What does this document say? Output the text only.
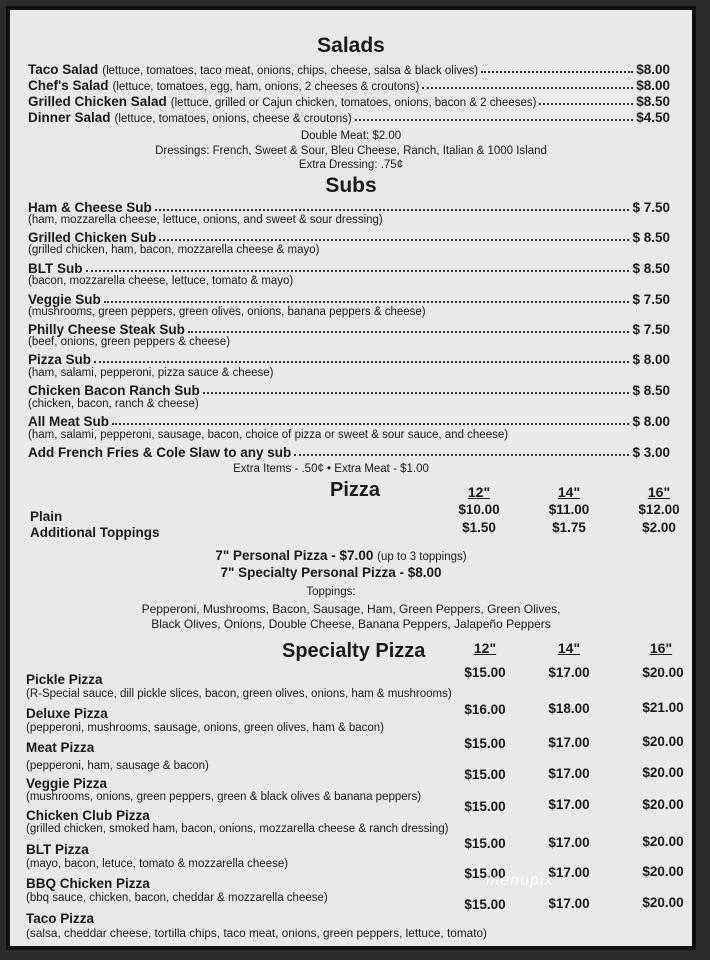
Salads
Taco Salad (lettuce, tomatoes, taco meat, onions, chips, cheese, salsa & black olives)	$8.00
Chef's Salad (lettuce, tomatoes, egg, ham, onions, 2 cheeses & croutons)	$8.00
Grilled Chicken Salad (lettuce, grilled or Cajun chicken, tomatoes, onions, bacon & 2 cheeses)	$8.50
Dinner Salad (lettuce, tomatoes, onions, cheese & croutons)	$4.50
Double Meat: $2.00
Dressings: French, Sweet & Sour, Bleu Cheese, Ranch, Italian & 1000 Island
Extra Dressing: .75¢
Subs
Ham & Cheese Sub	$ 7.50
(ham, mozzarella cheese, lettuce, onions, and sweet & sour dressing)
Grilled Chicken Sub	$ 8.50
(grilled chicken, ham, bacon, mozzarella cheese & mayo)
BLT Sub	$ 8.50
(bacon, mozzarella cheese, lettuce, tomato & mayo)
Veggie Sub	$ 7.50
(mushrooms, green peppers, green olives, onions, banana peppers & cheese)
Philly Cheese Steak Sub	$ 7.50
(beef, onions, green peppers & cheese)
Pizza Sub	$ 8.00
(ham, salami, pepperoni, pizza sauce & cheese)
Chicken Bacon Ranch Sub	$ 8.50
(chicken, bacon, ranch & cheese)
All Meat Sub	$ 8.00
(ham, salami, pepperoni, sausage, bacon, choice of pizza or sweet & sour sauce, and cheese)
Add French Fries & Cole Slaw to any sub	$ 3.00
Extra Items - .50¢ • Extra Meat - $1.00
Pizza	12"	14"	16"
Plain	$10.00	$11.00	$12.00
Additional Toppings	$1.50	$1.75	$2.00
7" Personal Pizza - $7.00 (up to 3 toppings)
7" Specialty Personal Pizza - $8.00
Toppings:
Pepperoni, Mushrooms, Bacon, Sausage, Ham, Green Peppers, Green Olives,
Black Olives, Onions, Double Cheese, Banana Peppers, Jalapeño Peppers
Specialty Pizza	12"	14"	16"
Pickle Pizza
(R-Special sauce, dill pickle slices, bacon, green olives, onions, ham & mushrooms)
$15.00	$17.00	$20.00
Deluxe Pizza
(pepperoni, mushrooms, sausage, onions, green olives, ham & bacon)
$16.00	$18.00	$21.00
Meat Pizza
(pepperoni, ham, sausage & bacon)
$15.00	$17.00	$20.00
Veggie Pizza
(mushrooms, onions, green peppers, green & black olives & banana peppers)
$15.00	$17.00	$20.00
Chicken Club Pizza
(grilled chicken, smoked ham, bacon, onions, mozzarella cheese & ranch dressing)
$15.00	$17.00	$20.00
BLT Pizza
(mayo, bacon, letuce, tomato & mozzarella cheese)
$15.00	$17.00	$20.00
BBQ Chicken Pizza
(bbq sauce, chicken, bacon, cheddar & mozzarella cheese)
$15.00	$17.00	$20.00
Taco Pizza
(salsa, cheddar cheese, tortilla chips, taco meat, onions, green peppers, lettuce, tomato)
$15.00	$17.00	$20.00
menupix
